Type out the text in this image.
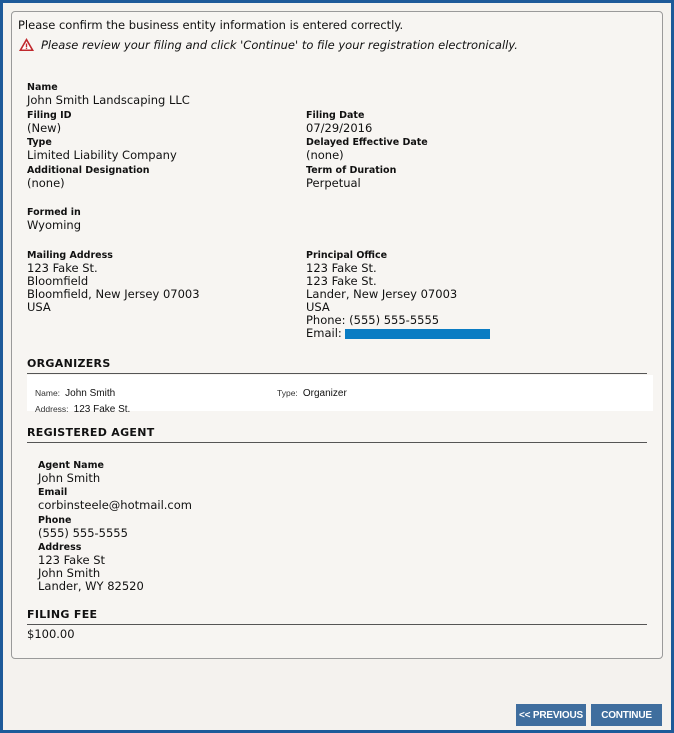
Please confirm the business entity information is entered correctly.
Please review your filing and click 'Continue' to file your registration electronically.
Name
John Smith Landscaping LLC
Filing ID
(New)
Type
Limited Liability Company
Additional Designation
(none)
Formed in
Wyoming
Mailing Address
123 Fake St.
Bloomfield
Bloomfield, New Jersey 07003
USA
Filing Date
07/29/2016
Delayed Effective Date
(none)
Term of Duration
Perpetual
Principal Office
123 Fake St.
123 Fake St.
Lander, New Jersey 07003
USA
Phone: (555) 555-5555
Email:
ORGANIZERS
Name: John Smith	Type: Organizer
Address: 123 Fake St.
REGISTERED AGENT
Agent Name
John Smith
Email
corbinsteele@hotmail.com
Phone
(555) 555-5555
Address
123 Fake St
John Smith
Lander, WY 82520
FILING FEE
$100.00
<< PREVIOUS	CONTINUE
